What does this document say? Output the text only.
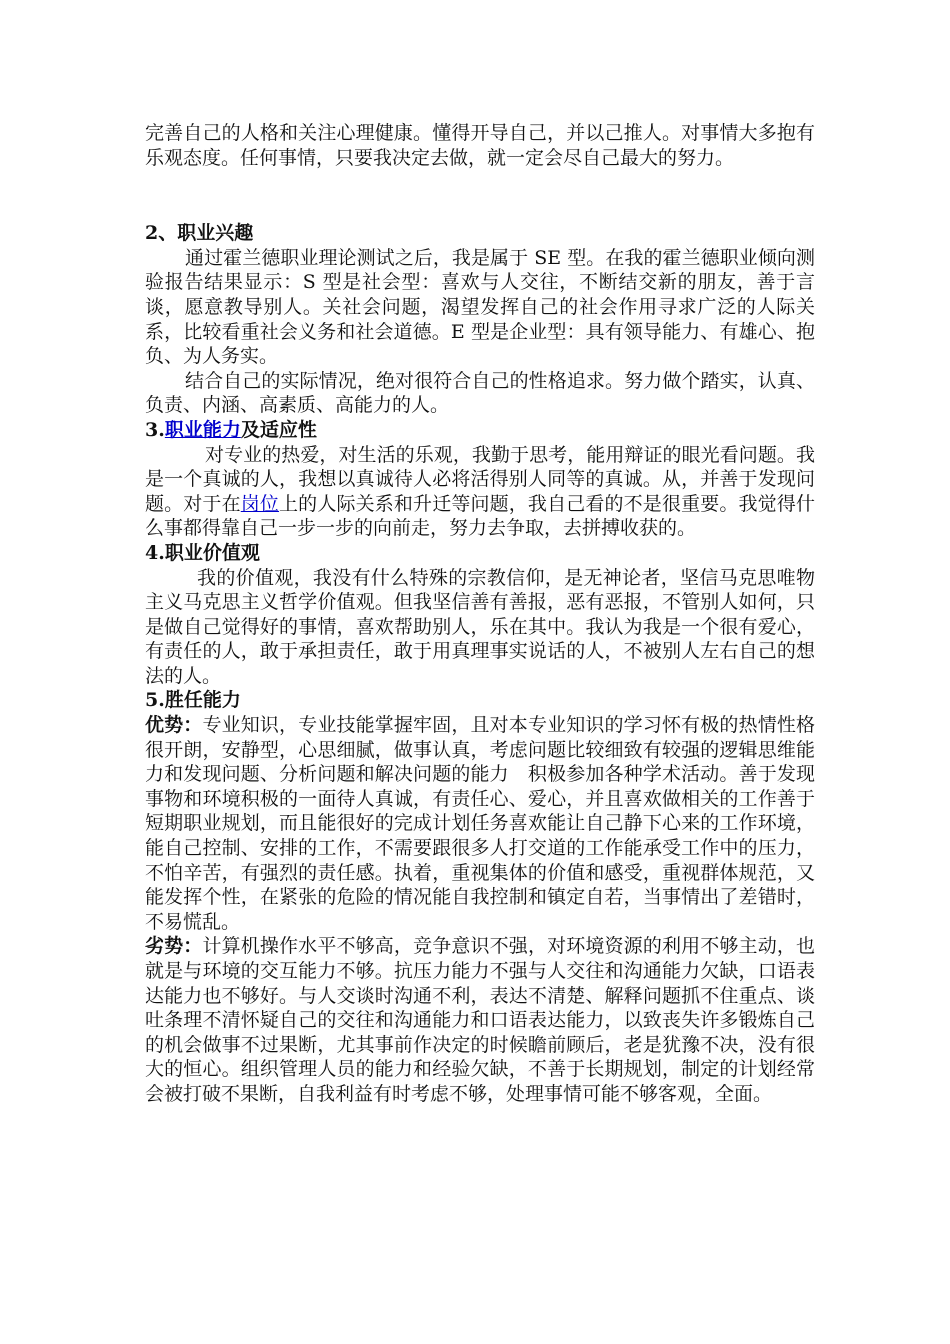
完善自己的人格和关注心理健康。懂得开导自己，并以己推人。对事情大多抱有乐观态度。任何事情，只要我决定去做，就一定会尽自己最大的努力。

2、职业兴趣

通过霍兰德职业理论测试之后，我是属于 SE 型。在我的霍兰德职业倾向测验报告结果显示：S 型是社会型：喜欢与人交往，不断结交新的朋友，善于言谈，愿意教导别人。关社会问题，渴望发挥自己的社会作用寻求广泛的人际关系，比较看重社会义务和社会道德。E 型是企业型：具有领导能力、有雄心、抱负、为人务实。

结合自己的实际情况，绝对很符合自己的性格追求。努力做个踏实，认真、负责、内涵、高素质、高能力的人。

3.职业能力及适应性

对专业的热爱，对生活的乐观，我勤于思考，能用辩证的眼光看问题。我是一个真诚的人，我想以真诚待人必将活得别人同等的真诚。从，并善于发现问题。对于在岗位上的人际关系和升迁等问题，我自己看的不是很重要。我觉得什么事都得靠自己一步一步的向前走，努力去争取，去拼搏收获的。

4.职业价值观

我的价值观，我没有什么特殊的宗教信仰，是无神论者，坚信马克思唯物主义马克思主义哲学价值观。但我坚信善有善报，恶有恶报，不管别人如何，只是做自己觉得好的事情，喜欢帮助别人，乐在其中。我认为我是一个很有爱心，有责任的人，敢于承担责任，敢于用真理事实说话的人，不被别人左右自己的想法的人。

5.胜任能力

优势：专业知识，专业技能掌握牢固，且对本专业知识的学习怀有极的热情性格很开朗，安静型，心思细腻，做事认真，考虑问题比较细致有较强的逻辑思维能力和发现问题、分析问题和解决问题的能力　积极参加各种学术活动。善于发现事物和环境积极的一面待人真诚，有责任心、爱心，并且喜欢做相关的工作善于短期职业规划，而且能很好的完成计划任务喜欢能让自己静下心来的工作环境，能自己控制、安排的工作，不需要跟很多人打交道的工作能承受工作中的压力，不怕辛苦，有强烈的责任感。执着，重视集体的价值和感受，重视群体规范，又能发挥个性，在紧张的危险的情况能自我控制和镇定自若，当事情出了差错时，不易慌乱。

劣势：计算机操作水平不够高，竞争意识不强，对环境资源的利用不够主动，也就是与环境的交互能力不够。抗压力能力不强与人交往和沟通能力欠缺，口语表达能力也不够好。与人交谈时沟通不利，表达不清楚、解释问题抓不住重点、谈吐条理不清怀疑自己的交往和沟通能力和口语表达能力，以致丧失许多锻炼自己的机会做事不过果断，尤其事前作决定的时候瞻前顾后，老是犹豫不决，没有很大的恒心。组织管理人员的能力和经验欠缺，不善于长期规划，制定的计划经常会被打破不果断，自我利益有时考虑不够，处理事情可能不够客观，全面。
